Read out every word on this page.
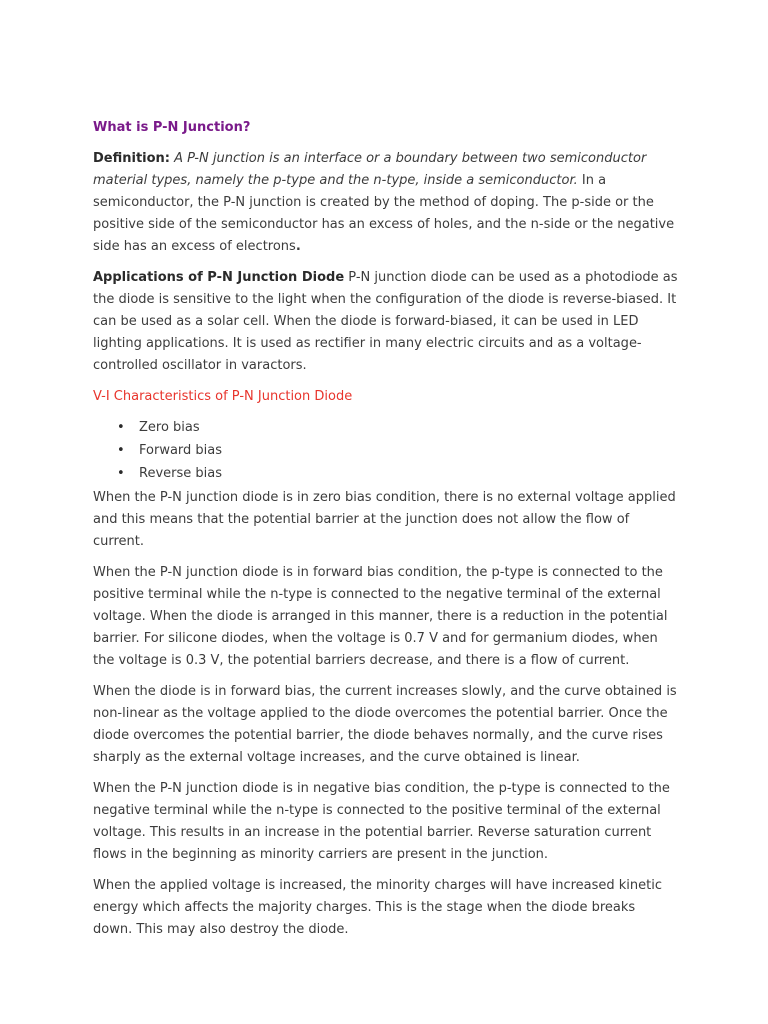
What is P-N Junction?

Definition: A P-N junction is an interface or a boundary between two semiconductor material types, namely the p-type and the n-type, inside a semiconductor. In a semiconductor, the P-N junction is created by the method of doping. The p-side or the positive side of the semiconductor has an excess of holes, and the n-side or the negative side has an excess of electrons.

Applications of P-N Junction Diode P-N junction diode can be used as a photodiode as the diode is sensitive to the light when the configuration of the diode is reverse-biased. It can be used as a solar cell. When the diode is forward-biased, it can be used in LED lighting applications. It is used as rectifier in many electric circuits and as a voltage-controlled oscillator in varactors.

V-I Characteristics of P-N Junction Diode
• Zero bias
• Forward bias
• Reverse bias

When the P-N junction diode is in zero bias condition, there is no external voltage applied and this means that the potential barrier at the junction does not allow the flow of current.

When the P-N junction diode is in forward bias condition, the p-type is connected to the positive terminal while the n-type is connected to the negative terminal of the external voltage. When the diode is arranged in this manner, there is a reduction in the potential barrier. For silicone diodes, when the voltage is 0.7 V and for germanium diodes, when the voltage is 0.3 V, the potential barriers decrease, and there is a flow of current.

When the diode is in forward bias, the current increases slowly, and the curve obtained is non-linear as the voltage applied to the diode overcomes the potential barrier. Once the diode overcomes the potential barrier, the diode behaves normally, and the curve rises sharply as the external voltage increases, and the curve obtained is linear.

When the P-N junction diode is in negative bias condition, the p-type is connected to the negative terminal while the n-type is connected to the positive terminal of the external voltage. This results in an increase in the potential barrier. Reverse saturation current flows in the beginning as minority carriers are present in the junction.

When the applied voltage is increased, the minority charges will have increased kinetic energy which affects the majority charges. This is the stage when the diode breaks down. This may also destroy the diode.
